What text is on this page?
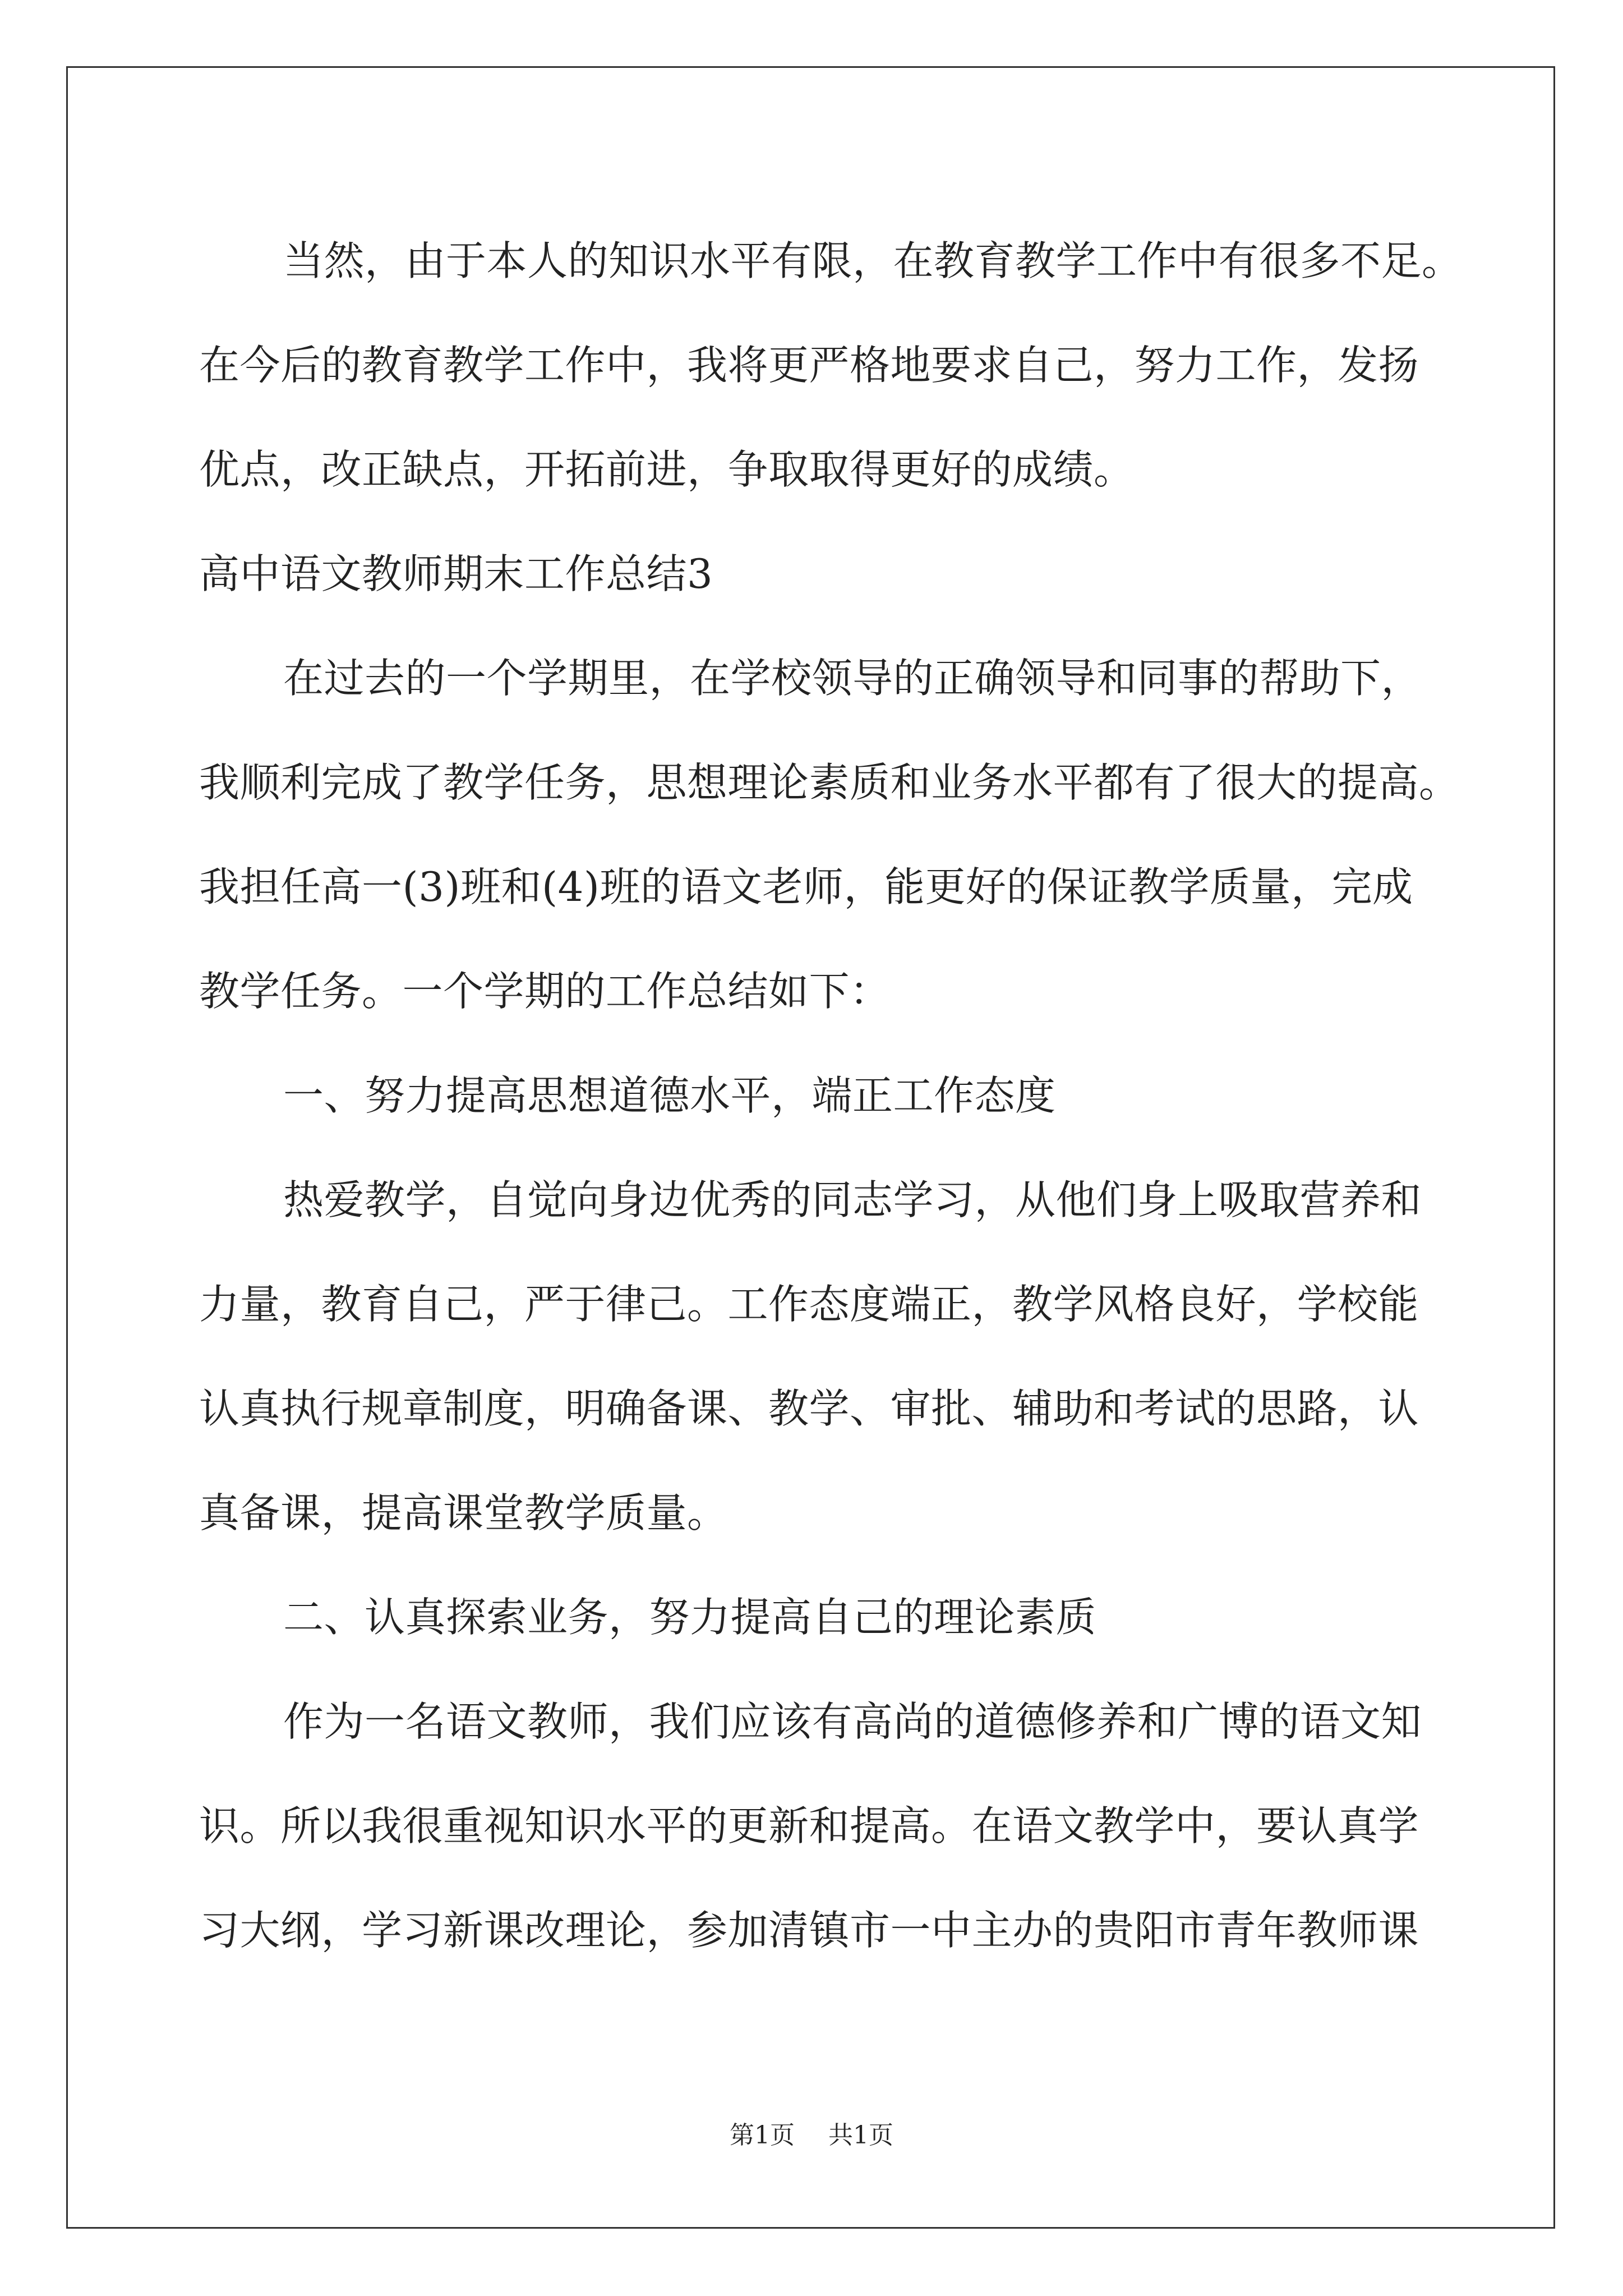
当然，由于本人的知识水平有限，在教育教学工作中有很多不足。
在今后的教育教学工作中，我将更严格地要求自己，努力工作，发扬
优点，改正缺点，开拓前进，争取取得更好的成绩。
高中语文教师期末工作总结3
在过去的一个学期里，在学校领导的正确领导和同事的帮助下，
我顺利完成了教学任务，思想理论素质和业务水平都有了很大的提高。
我担任高一(3)班和(4)班的语文老师，能更好的保证教学质量，完成
教学任务。一个学期的工作总结如下：
一、努力提高思想道德水平，端正工作态度
热爱教学，自觉向身边优秀的同志学习，从他们身上吸取营养和
力量，教育自己，严于律己。工作态度端正，教学风格良好，学校能
认真执行规章制度，明确备课、教学、审批、辅助和考试的思路，认
真备课，提高课堂教学质量。
二、认真探索业务，努力提高自己的理论素质
作为一名语文教师，我们应该有高尚的道德修养和广博的语文知
识。所以我很重视知识水平的更新和提高。在语文教学中，要认真学
习大纲，学习新课改理论，参加清镇市一中主办的贵阳市青年教师课
第1页 共1页
